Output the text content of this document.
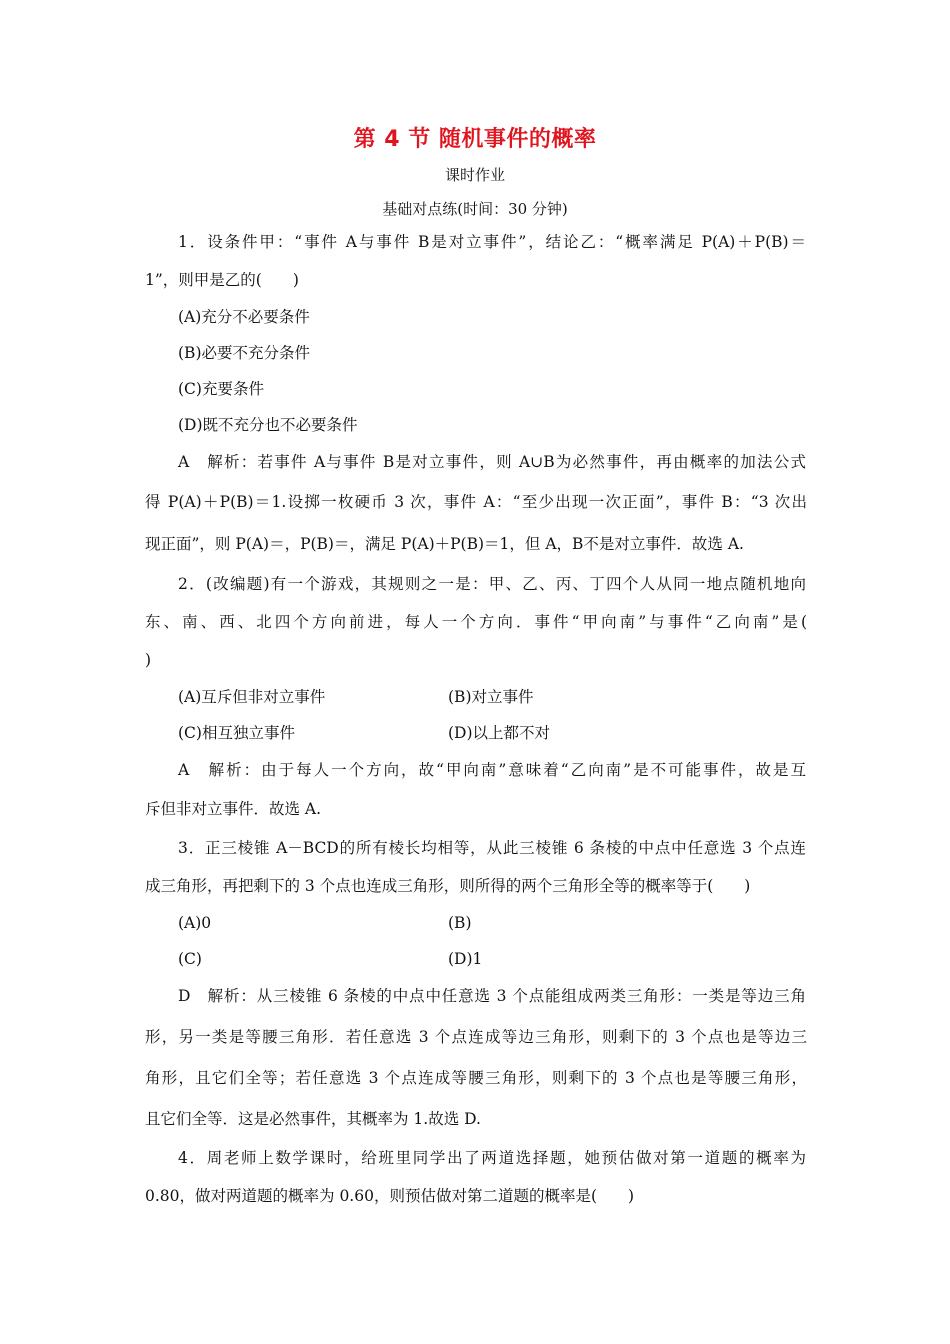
第 4 节 随机事件的概率
课时作业
基础对点练(时间：30 分钟)
1．设条件甲：“事件 A与事件 B是对立事件”，结论乙：“概率满足 P(A)＋P(B)＝
1”，则甲是乙的(　　)
(A)充分不必要条件
(B)必要不充分条件
(C)充要条件
(D)既不充分也不必要条件
A　解析：若事件 A与事件 B是对立事件，则 A∪B为必然事件，再由概率的加法公式
得 P(A)＋P(B)＝1.设掷一枚硬币 3 次，事件 A：“至少出现一次正面”，事件 B：“3 次出
现正面”，则 P(A)＝，P(B)＝，满足 P(A)＋P(B)＝1，但 A，B不是对立事件．故选 A.
2．(改编题)有一个游戏，其规则之一是：甲、乙、丙、丁四个人从同一地点随机地向
东、南、西、北四个方向前进，每人一个方向．事件“甲向南”与事件“乙向南”是(
)
(A)互斥但非对立事件	(B)对立事件
(C)相互独立事件	(D)以上都不对
A　解析：由于每人一个方向，故“甲向南”意味着“乙向南”是不可能事件，故是互
斥但非对立事件．故选 A.
3．正三棱锥 A－BCD的所有棱长均相等，从此三棱锥 6 条棱的中点中任意选 3 个点连
成三角形，再把剩下的 3 个点也连成三角形，则所得的两个三角形全等的概率等于(　　)
(A)0	(B)
(C)	(D)1
D　解析：从三棱锥 6 条棱的中点中任意选 3 个点能组成两类三角形：一类是等边三角
形，另一类是等腰三角形．若任意选 3 个点连成等边三角形，则剩下的 3 个点也是等边三
角形，且它们全等；若任意选 3 个点连成等腰三角形，则剩下的 3 个点也是等腰三角形，
且它们全等．这是必然事件，其概率为 1.故选 D.
4．周老师上数学课时，给班里同学出了两道选择题，她预估做对第一道题的概率为
0.80，做对两道题的概率为 0.60，则预估做对第二道题的概率是(　　)
